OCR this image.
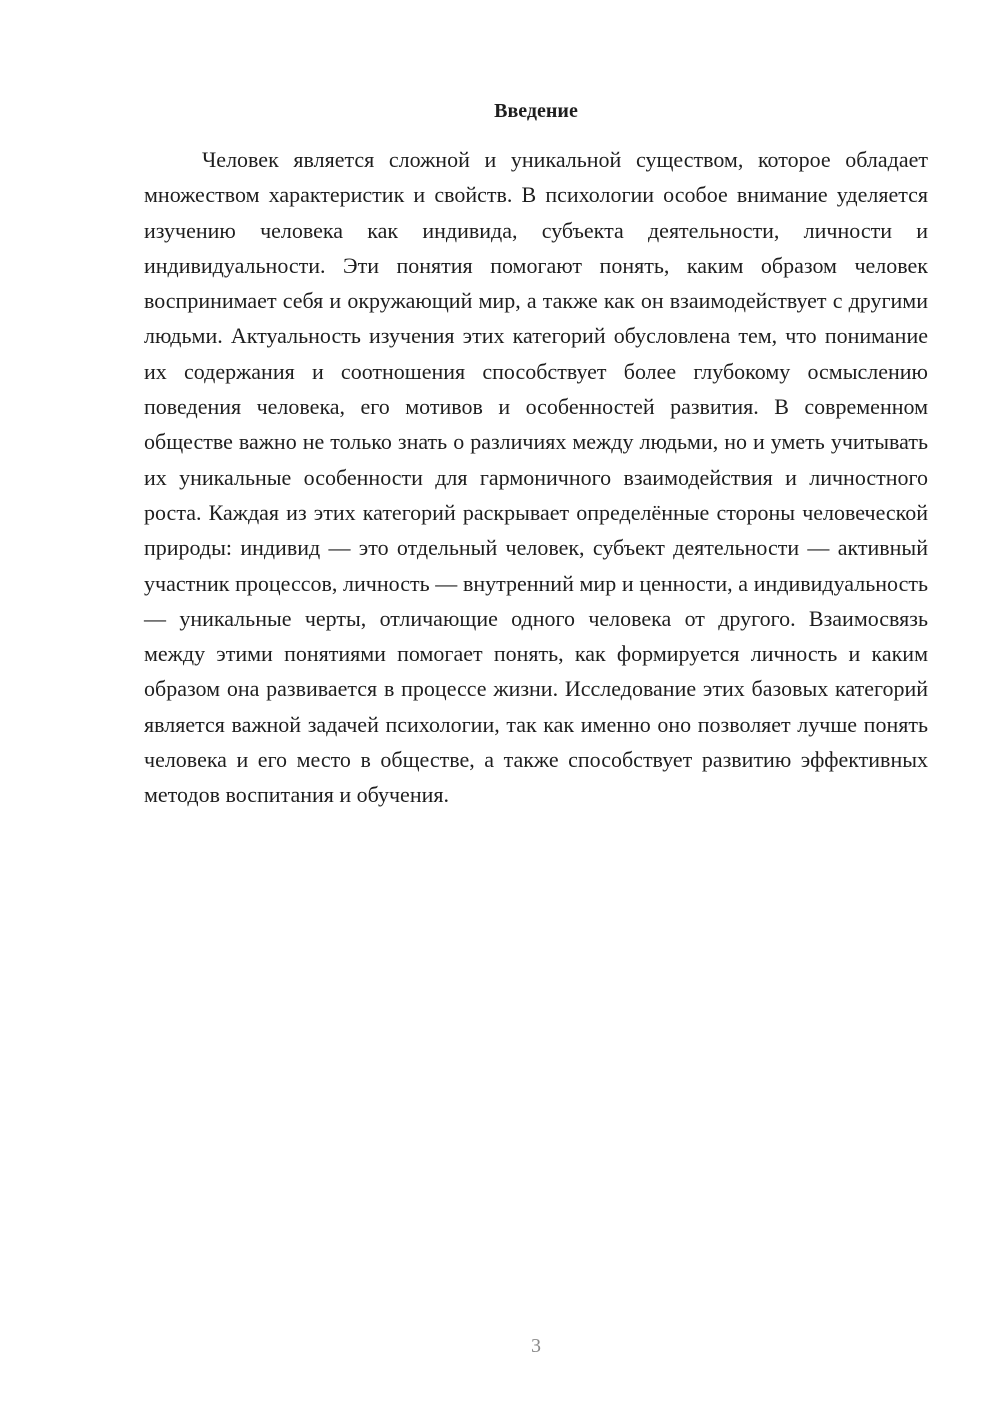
Введение

Человек является сложной и уникальной существом, которое обладает множеством характеристик и свойств. В психологии особое внимание уделяется изучению человека как индивида, субъекта деятельности, личности и индивидуальности. Эти понятия помогают понять, каким образом человек воспринимает себя и окружающий мир, а также как он взаимодействует с другими людьми. Актуальность изучения этих категорий обусловлена тем, что понимание их содержания и соотношения способствует более глубокому осмыслению поведения человека, его мотивов и особенностей развития. В современном обществе важно не только знать о различиях между людьми, но и уметь учитывать их уникальные особенности для гармоничного взаимодействия и личностного роста. Каждая из этих категорий раскрывает определённые стороны человеческой природы: индивид — это отдельный человек, субъект деятельности — активный участник процессов, личность — внутренний мир и ценности, а индивидуальность — уникальные черты, отличающие одного человека от другого. Взаимосвязь между этими понятиями помогает понять, как формируется личность и каким образом она развивается в процессе жизни. Исследование этих базовых категорий является важной задачей психологии, так как именно оно позволяет лучше понять человека и его место в обществе, а также способствует развитию эффективных методов воспитания и обучения.

3
